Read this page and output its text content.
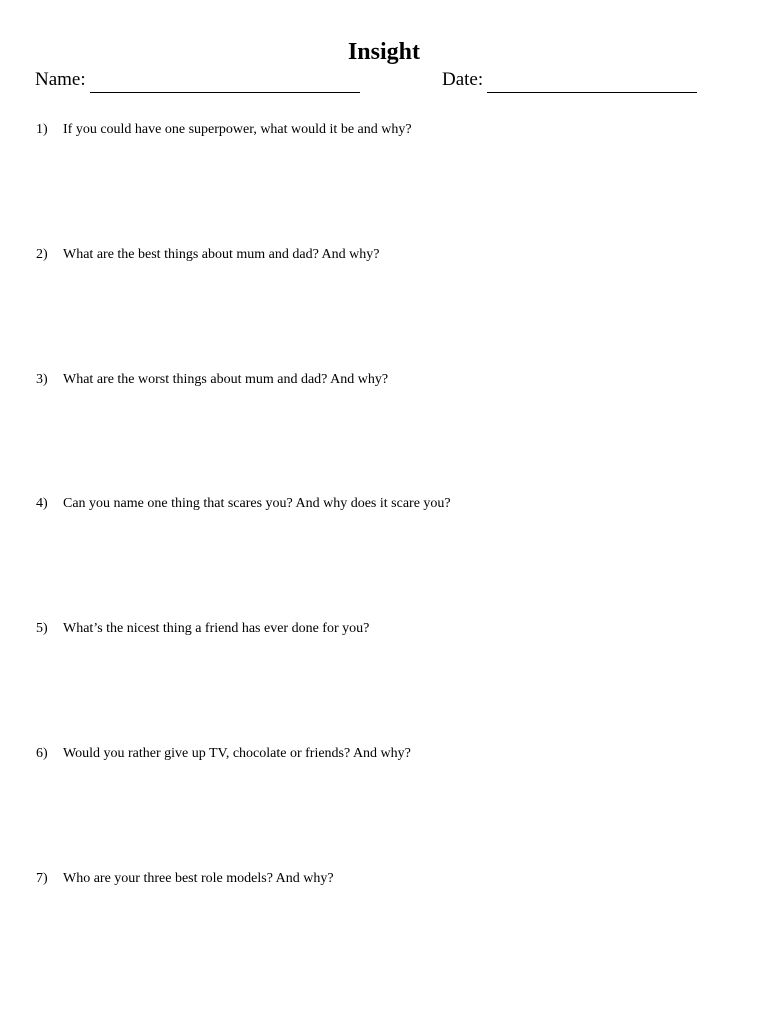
Insight
Name:	Date:
1) If you could have one superpower, what would it be and why?
2) What are the best things about mum and dad? And why?
3) What are the worst things about mum and dad? And why?
4) Can you name one thing that scares you? And why does it scare you?
5) What’s the nicest thing a friend has ever done for you?
6) Would you rather give up TV, chocolate or friends? And why?
7) Who are your three best role models? And why?
